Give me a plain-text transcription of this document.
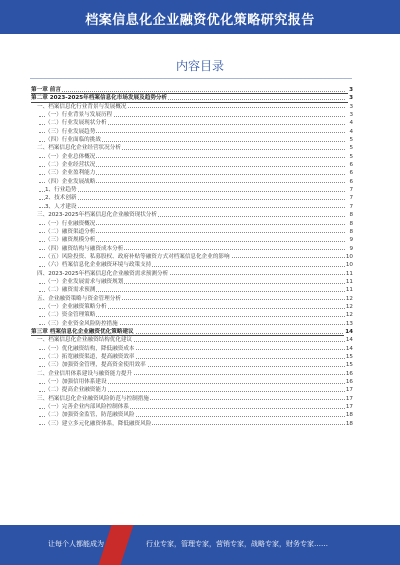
档案信息化企业融资优化策略研究报告
内容目录
第一章 前言	3
第二章 2023-2025年档案信息化市场发展及趋势分析	3
一、档案信息化行业背景与发展概况	3
（一）行业背景与发展历程	3
（二）行业发展现状分析	4
（三）行业发展趋势	4
（四）行业面临的挑战	5
二、档案信息化企业经营状况分析	5
（一）企业总体概况	5
（二）企业经营状况	6
（三）企业盈利能力	6
（四）企业发展战略	6
1、行业趋势	7
2、技术创新	7
3、人才建设	7
三、2023-2025年档案信息化企业融资现状分析	8
（一）行业融资概况	8
（二）融资渠道分析	8
（三）融资规模分析	9
（四）融资结构与融资成本分析	9
（五）风险投资、私募股权、政府补贴等融资方式对档案信息化企业的影响	10
（六）档案信息化企业融资环境与政策支持	10
四、2023-2025年档案信息化企业融资需求预测分析	11
（一）企业发展需求与融资规划	11
（二）融资需求预测	11
五、企业融资策略与资金管理分析	12
（一）企业融资策略分析	12
（二）资金管理策略	12
（三）企业资金风险防控措施	13
第三章 档案信息化企业融资优化策略建议	14
一、档案信息化企业融资结构优化建议	14
（一）优化融资结构，降低融资成本	14
（二）拓宽融资渠道，提高融资效率	15
（三）加强资金管理，提高资金使用效率	15
二、企业信用体系建设与融资能力提升	16
（一）加强信用体系建设	16
（二）提高企业融资能力	17
三、档案信息化企业融资风险防范与控制措施	17
（一）完善企业内部风险控制体系	17
（二）加强资金监管，防范融资风险	18
（三）建立多元化融资体系，降低融资风险	18
让每个人都能成为	行业专家，管理专家，营销专家，战略专家，财务专家……
